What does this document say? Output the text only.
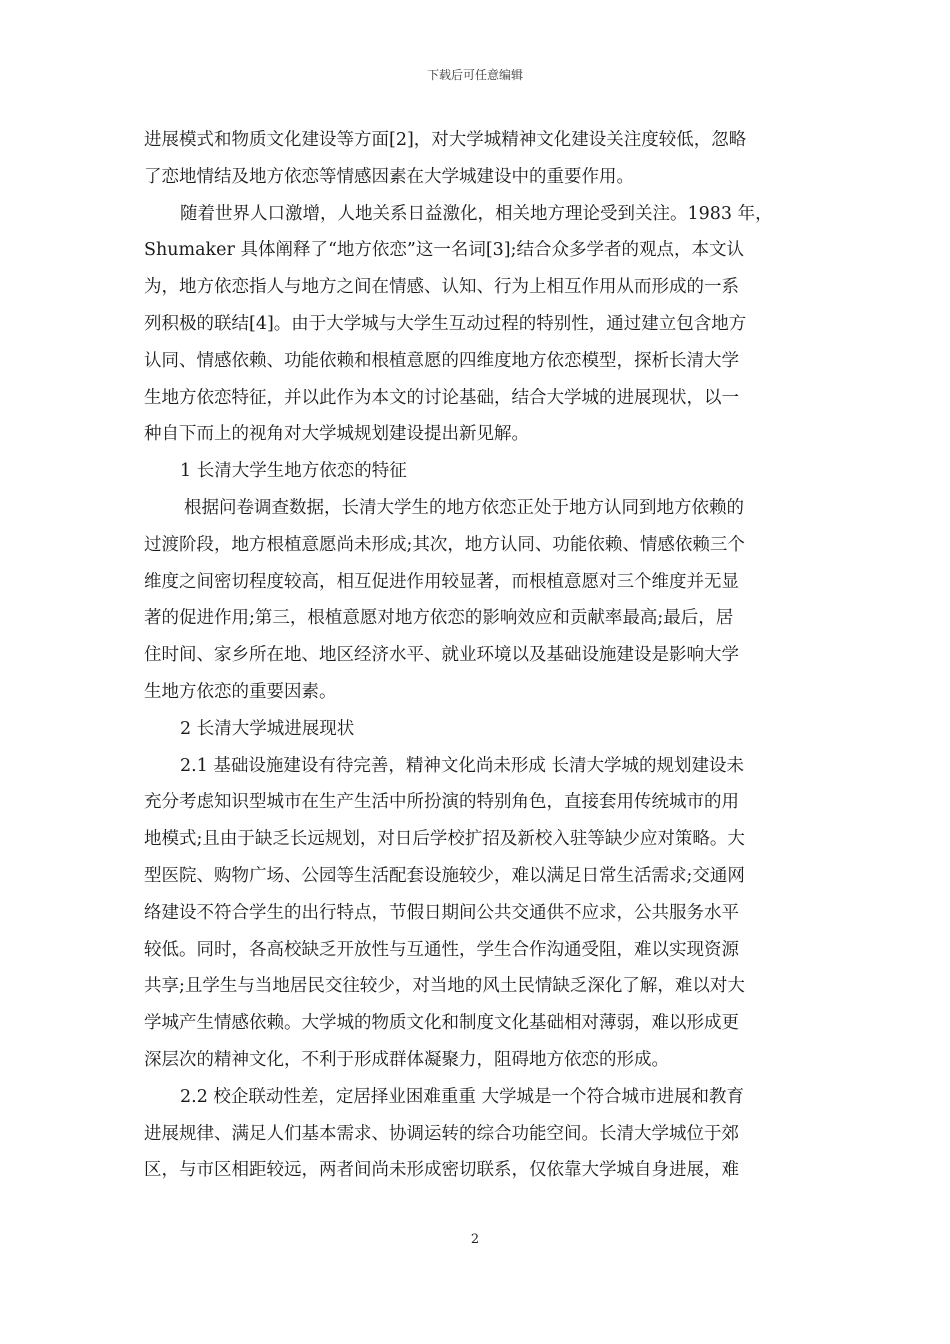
下载后可任意编辑
进展模式和物质文化建设等方面[2]，对大学城精神文化建设关注度较低，忽略
了恋地情结及地方依恋等情感因素在大学城建设中的重要作用。
随着世界人口激增，人地关系日益激化，相关地方理论受到关注。1983 年，
Shumaker 具体阐释了“地方依恋”这一名词[3];结合众多学者的观点，本文认
为，地方依恋指人与地方之间在情感、认知、行为上相互作用从而形成的一系
列积极的联结[4]。由于大学城与大学生互动过程的特别性，通过建立包含地方
认同、情感依赖、功能依赖和根植意愿的四维度地方依恋模型，探析长清大学
生地方依恋特征，并以此作为本文的讨论基础，结合大学城的进展现状，以一
种自下而上的视角对大学城规划建设提出新见解。
1 长清大学生地方依恋的特征
根据问卷调查数据，长清大学生的地方依恋正处于地方认同到地方依赖的
过渡阶段，地方根植意愿尚未形成;其次，地方认同、功能依赖、情感依赖三个
维度之间密切程度较高，相互促进作用较显著，而根植意愿对三个维度并无显
著的促进作用;第三，根植意愿对地方依恋的影响效应和贡献率最高;最后，居
住时间、家乡所在地、地区经济水平、就业环境以及基础设施建设是影响大学
生地方依恋的重要因素。
2 长清大学城进展现状
2.1 基础设施建设有待完善，精神文化尚未形成 长清大学城的规划建设未
充分考虑知识型城市在生产生活中所扮演的特别角色，直接套用传统城市的用
地模式;且由于缺乏长远规划，对日后学校扩招及新校入驻等缺少应对策略。大
型医院、购物广场、公园等生活配套设施较少，难以满足日常生活需求;交通网
络建设不符合学生的出行特点，节假日期间公共交通供不应求，公共服务水平
较低。同时，各高校缺乏开放性与互通性，学生合作沟通受阻，难以实现资源
共享;且学生与当地居民交往较少，对当地的风土民情缺乏深化了解，难以对大
学城产生情感依赖。大学城的物质文化和制度文化基础相对薄弱，难以形成更
深层次的精神文化，不利于形成群体凝聚力，阻碍地方依恋的形成。
2.2 校企联动性差，定居择业困难重重 大学城是一个符合城市进展和教育
进展规律、满足人们基本需求、协调运转的综合功能空间。长清大学城位于郊
区，与市区相距较远，两者间尚未形成密切联系，仅依靠大学城自身进展，难
2
